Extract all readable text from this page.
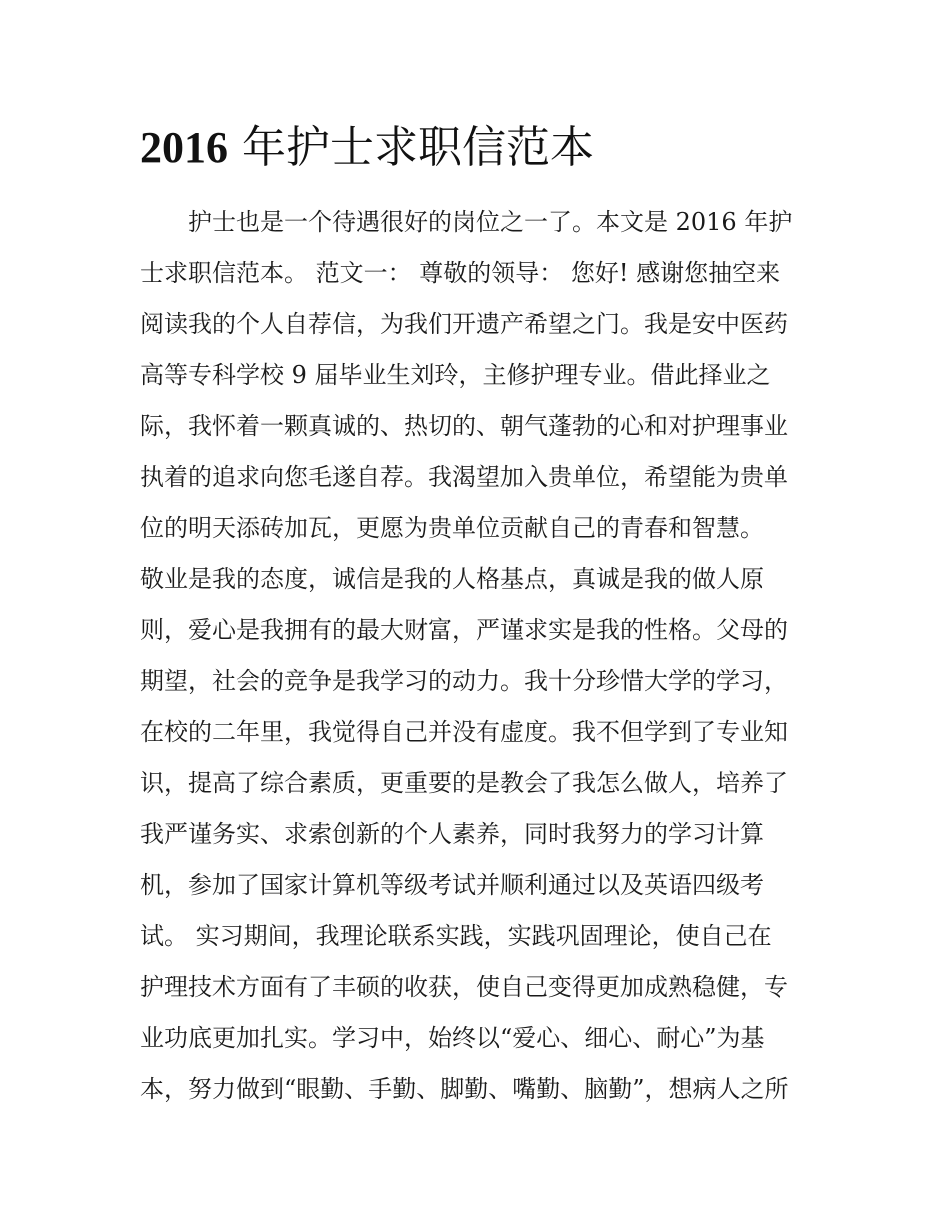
2016 年护士求职信范本
护士也是一个待遇很好的岗位之一了。本文是 2016 年护
士求职信范本。 范文一： 尊敬的领导： 您好! 感谢您抽空来
阅读我的个人自荐信，为我们开遗产希望之门。我是安中医药
高等专科学校 9 届毕业生刘玲，主修护理专业。借此择业之
际，我怀着一颗真诚的、热切的、朝气蓬勃的心和对护理事业
执着的追求向您毛遂自荐。我渴望加入贵单位，希望能为贵单
位的明天添砖加瓦，更愿为贵单位贡献自己的青春和智慧。
敬业是我的态度，诚信是我的人格基点，真诚是我的做人原
则，爱心是我拥有的最大财富，严谨求实是我的性格。父母的
期望，社会的竞争是我学习的动力。我十分珍惜大学的学习，
在校的二年里，我觉得自己并没有虚度。我不但学到了专业知
识，提高了综合素质，更重要的是教会了我怎么做人，培养了
我严谨务实、求索创新的个人素养，同时我努力的学习计算
机，参加了国家计算机等级考试并顺利通过以及英语四级考
试。 实习期间，我理论联系实践，实践巩固理论，使自己在
护理技术方面有了丰硕的收获，使自己变得更加成熟稳健，专
业功底更加扎实。学习中，始终以“爱心、细心、耐心”为基
本，努力做到“眼勤、手勤、脚勤、嘴勤、脑勤”，想病人之所
